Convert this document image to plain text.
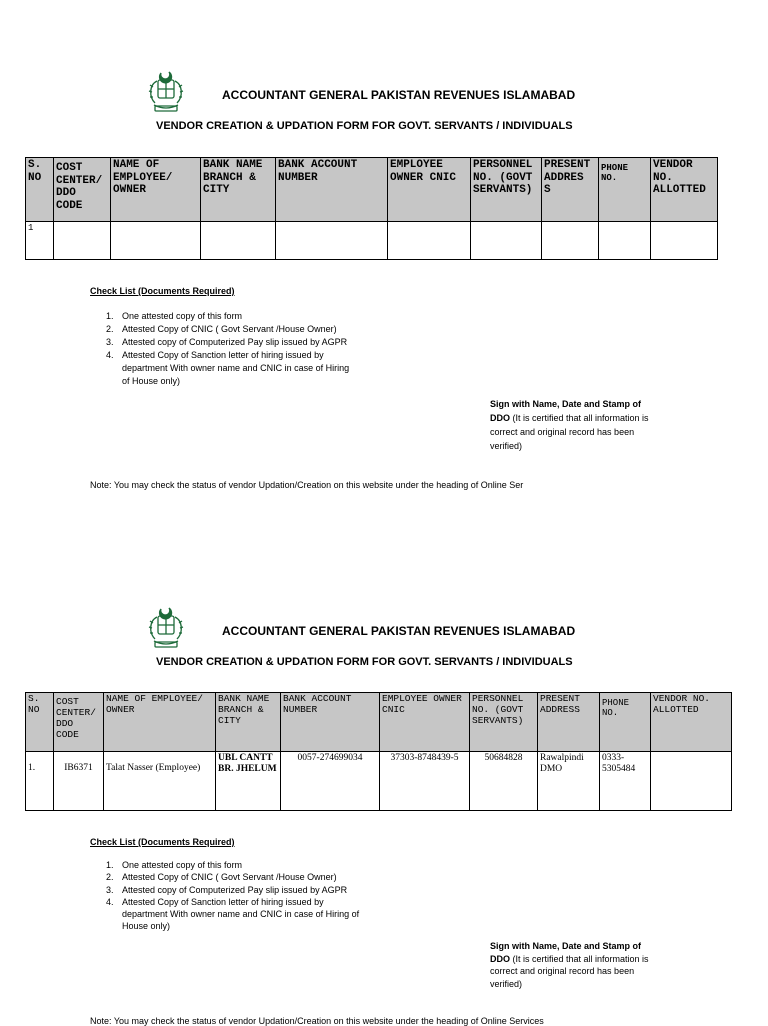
ACCOUNTANT GENERAL PAKISTAN REVENUES ISLAMABAD
VENDOR CREATION & UPDATION FORM FOR GOVT. SERVANTS / INDIVIDUALS
S. NO	COST CENTER/ DDO CODE	NAME OF EMPLOYEE/ OWNER	BANK NAME BRANCH & CITY	BANK ACCOUNT NUMBER	EMPLOYEE OWNER CNIC	PERSONNEL NO. (GOVT SERVANTS)	PRESENT ADDRES S	PHONE NO.	VENDOR NO. ALLOTTED
1									
Check List (Documents Required)
1. One attested copy of this form
2. Attested Copy of CNIC ( Govt Servant /House Owner)
3. Attested copy of Computerized Pay slip issued by AGPR
4. Attested Copy of Sanction letter of hiring issued by department With owner name and CNIC in case of Hiring of House only)
Sign with Name, Date and Stamp of DDO (It is certified that all information is correct and original record has been verified)
Note: You may check the status of vendor Updation/Creation on this website under the heading of Online Ser
ACCOUNTANT GENERAL PAKISTAN REVENUES ISLAMABAD
VENDOR CREATION & UPDATION FORM FOR GOVT. SERVANTS / INDIVIDUALS
S. NO	COST CENTER/ DDO CODE	NAME OF EMPLOYEE/ OWNER	BANK NAME BRANCH & CITY	BANK ACCOUNT NUMBER	EMPLOYEE OWNER CNIC	PERSONNEL NO. (GOVT SERVANTS)	PRESENT ADDRESS	PHONE NO.	VENDOR NO. ALLOTTED
1.	IB6371	Talat Nasser (Employee)	UBL CANTT BR. JHELUM	0057-274699034	37303-8748439-5	50684828	Rawalpindi DMO	0333-5305484	
Check List (Documents Required)
1. One attested copy of this form
2. Attested Copy of CNIC ( Govt Servant /House Owner)
3. Attested copy of Computerized Pay slip issued by AGPR
4. Attested Copy of Sanction letter of hiring issued by department With owner name and CNIC in case of Hiring of House only)
Sign with Name, Date and Stamp of DDO (It is certified that all information is correct and original record has been verified)
Note: You may check the status of vendor Updation/Creation on this website under the heading of Online Services
